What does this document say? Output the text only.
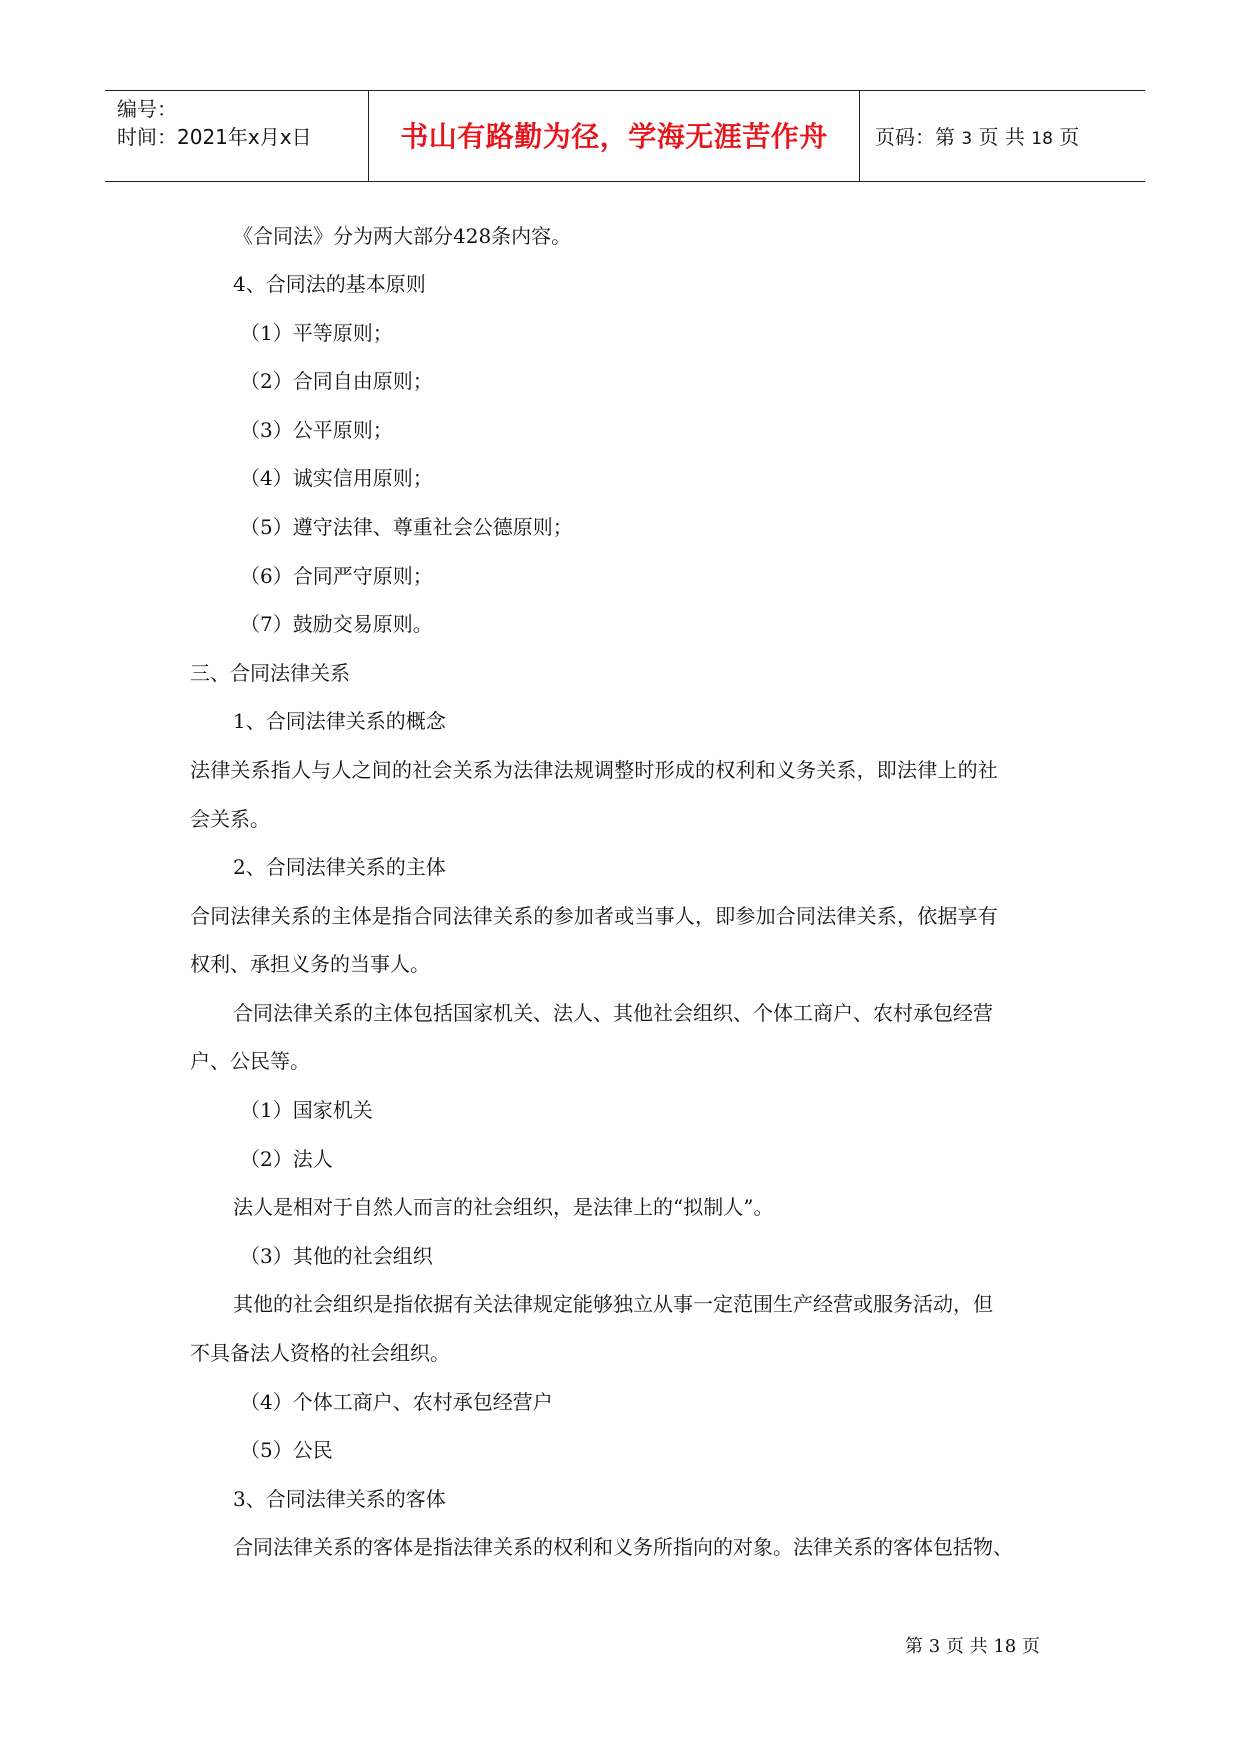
编号：
时间：2021年x月x日	书山有路勤为径，学海无涯苦作舟	页码：第 3 页 共 18 页
《合同法》分为两大部分428条内容。
4、合同法的基本原则
（1）平等原则；
（2）合同自由原则；
（3）公平原则；
（4）诚实信用原则；
（5）遵守法律、尊重社会公德原则；
（6）合同严守原则；
（7）鼓励交易原则。
三、合同法律关系
1、合同法律关系的概念
法律关系指人与人之间的社会关系为法律法规调整时形成的权利和义务关系，即法律上的社
会关系。
2、合同法律关系的主体
合同法律关系的主体是指合同法律关系的参加者或当事人，即参加合同法律关系，依据享有
权利、承担义务的当事人。
合同法律关系的主体包括国家机关、法人、其他社会组织、个体工商户、农村承包经营
户、公民等。
（1）国家机关
（2）法人
法人是相对于自然人而言的社会组织，是法律上的“拟制人”。
（3）其他的社会组织
其他的社会组织是指依据有关法律规定能够独立从事一定范围生产经营或服务活动，但
不具备法人资格的社会组织。
（4）个体工商户、农村承包经营户
（5）公民
3、合同法律关系的客体
合同法律关系的客体是指法律关系的权利和义务所指向的对象。法律关系的客体包括物、
第 3 页 共 18 页
